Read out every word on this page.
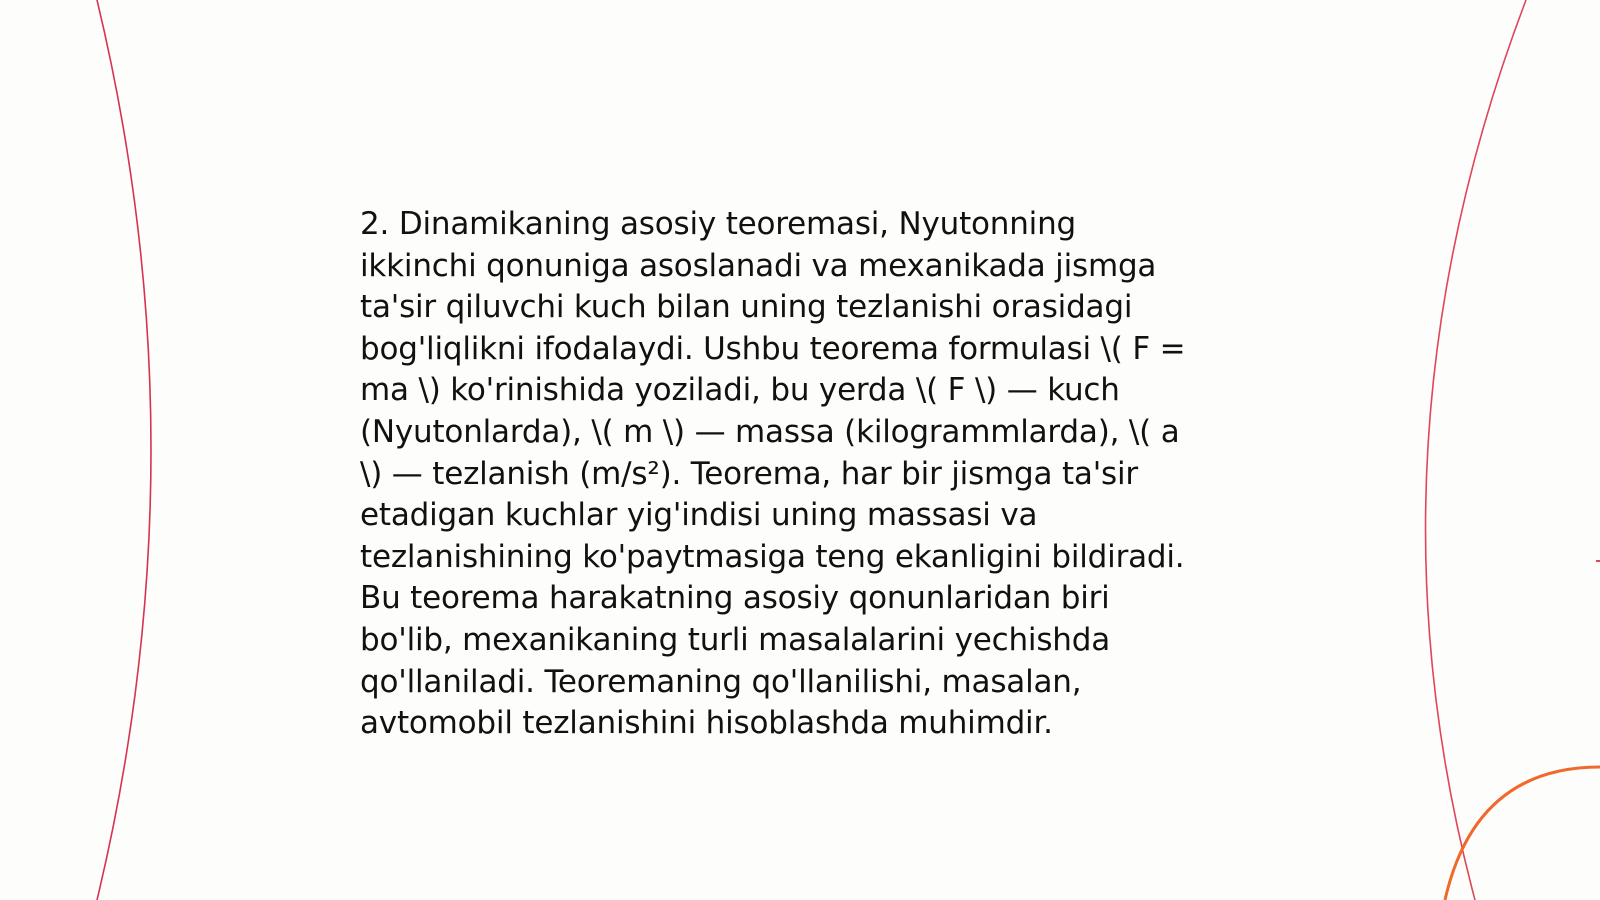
2. Dinamikaning asosiy teoremasi, Nyutonning
ikkinchi qonuniga asoslanadi va mexanikada jismga
ta'sir qiluvchi kuch bilan uning tezlanishi orasidagi
bog'liqlikni ifodalaydi. Ushbu teorema formulasi \( F =
ma \) ko'rinishida yoziladi, bu yerda \( F \) — kuch
(Nyutonlarda), \( m \) — massa (kilogrammlarda), \( a
\) — tezlanish (m/s²). Teorema, har bir jismga ta'sir
etadigan kuchlar yig'indisi uning massasi va
tezlanishining ko'paytmasiga teng ekanligini bildiradi.
Bu teorema harakatning asosiy qonunlaridan biri
bo'lib, mexanikaning turli masalalarini yechishda
qo'llaniladi. Teoremaning qo'llanilishi, masalan,
avtomobil tezlanishini hisoblashda muhimdir.
